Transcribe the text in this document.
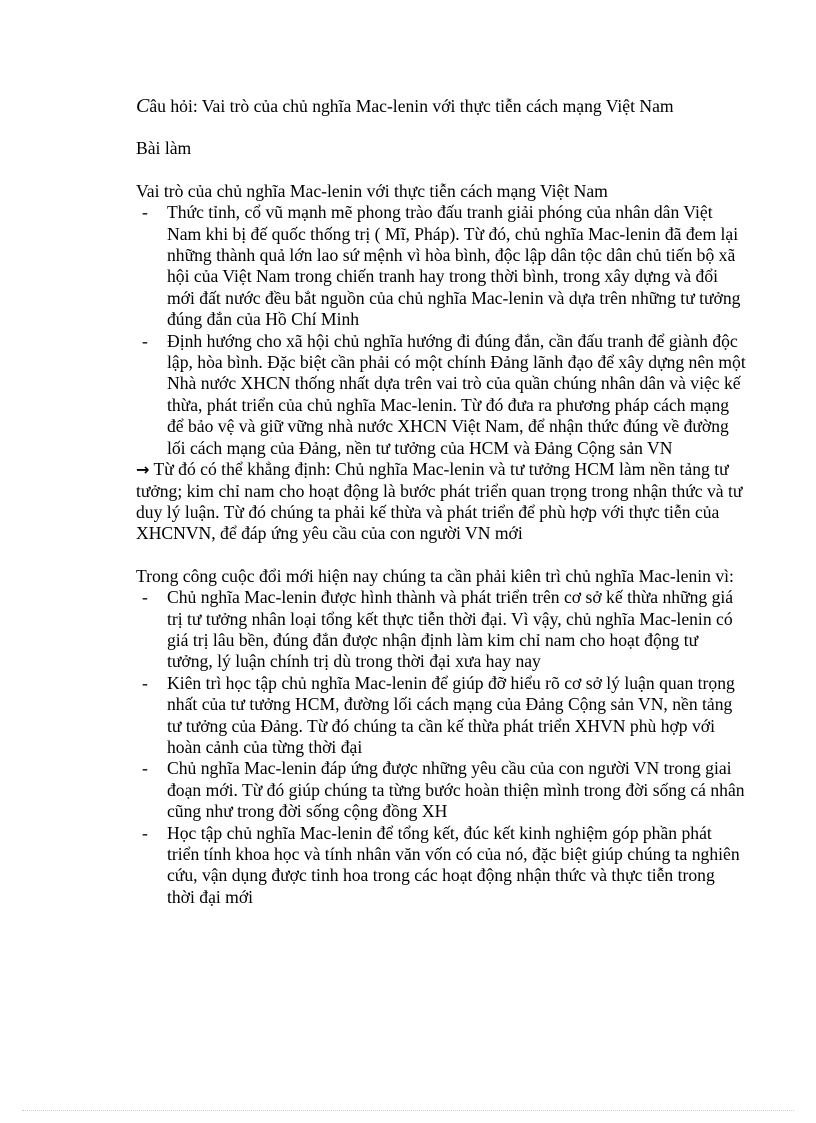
Câu hỏi: Vai trò của chủ nghĩa Mac-lenin với thực tiễn cách mạng Việt Nam

Bài làm

Vai trò của chủ nghĩa Mac-lenin với thực tiễn cách mạng Việt Nam

- Thức tỉnh, cổ vũ mạnh mẽ phong trào đấu tranh giải phóng của nhân dân Việt Nam khi bị đế quốc thống trị ( Mĩ, Pháp). Từ đó, chủ nghĩa Mac-lenin đã đem lại những thành quả lớn lao sứ mệnh vì hòa bình, độc lập dân tộc dân chủ tiến bộ xã hội của Việt Nam trong chiến tranh hay trong thời bình, trong xây dựng và đổi mới đất nước đều bắt nguồn của chủ nghĩa Mac-lenin và dựa trên những tư tưởng đúng đắn của Hồ Chí Minh
- Định hướng cho xã hội chủ nghĩa hướng đi đúng đắn, cần đấu tranh để giành độc lập, hòa bình. Đặc biệt cần phải có một chính Đảng lãnh đạo để xây dựng nên một Nhà nước XHCN thống nhất dựa trên vai trò của quần chúng nhân dân và việc kế thừa, phát triển của chủ nghĩa Mac-lenin. Từ đó đưa ra phương pháp cách mạng để bảo vệ và giữ vững nhà nước XHCN Việt Nam, để nhận thức đúng về đường lối cách mạng của Đảng, nền tư tưởng của HCM và Đảng Cộng sản VN

→ Từ đó có thể khẳng định: Chủ nghĩa Mac-lenin và tư tưởng HCM làm nền tảng tư tưởng; kim chỉ nam cho hoạt động là bước phát triển quan trọng trong nhận thức và tư duy lý luận. Từ đó chúng ta phải kế thừa và phát triển để phù hợp với thực tiễn của XHCNVN, để đáp ứng yêu cầu của con người VN mới

Trong công cuộc đổi mới hiện nay chúng ta cần phải kiên trì chủ nghĩa Mac-lenin vì:

- Chủ nghĩa Mac-lenin được hình thành và phát triển trên cơ sở kế thừa những giá trị tư tưởng nhân loại tổng kết thực tiễn thời đại. Vì vậy, chủ nghĩa Mac-lenin có giá trị lâu bền, đúng đắn được nhận định làm kim chỉ nam cho hoạt động tư tưởng, lý luận chính trị dù trong thời đại xưa hay nay
- Kiên trì học tập chủ nghĩa Mac-lenin để giúp đỡ hiểu rõ cơ sở lý luận quan trọng nhất của tư tưởng HCM, đường lối cách mạng của Đảng Cộng sản VN, nền tảng tư tưởng của Đảng. Từ đó chúng ta cần kế thừa phát triển XHVN phù hợp với hoàn cảnh của từng thời đại
- Chủ nghĩa Mac-lenin đáp ứng được những yêu cầu của con người VN trong giai đoạn mới. Từ đó giúp chúng ta từng bước hoàn thiện mình trong đời sống cá nhân cũng như trong đời sống cộng đồng XH
- Học tập chủ nghĩa Mac-lenin để tổng kết, đúc kết kinh nghiệm góp phần phát triển tính khoa học và tính nhân văn vốn có của nó, đặc biệt giúp chúng ta nghiên cứu, vận dụng được tinh hoa trong các hoạt động nhận thức và thực tiễn trong thời đại mới
